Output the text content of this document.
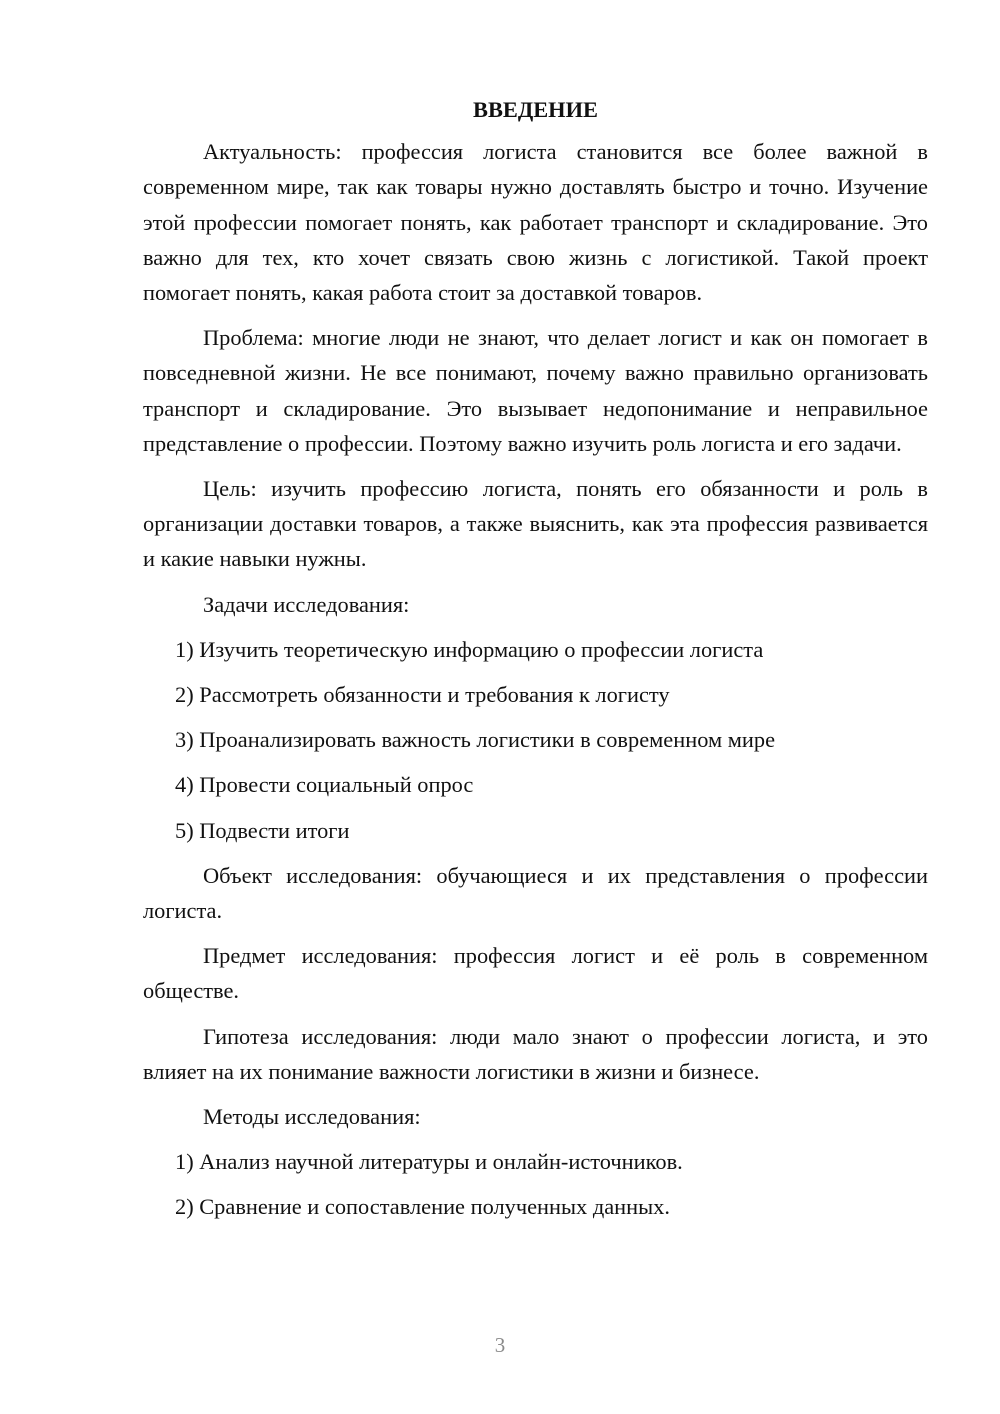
ВВЕДЕНИЕ

Актуальность: профессия логиста становится все более важной в современном мире, так как товары нужно доставлять быстро и точно. Изучение этой профессии помогает понять, как работает транспорт и складирование. Это важно для тех, кто хочет связать свою жизнь с логистикой. Такой проект помогает понять, какая работа стоит за доставкой товаров.

Проблема: многие люди не знают, что делает логист и как он помогает в повседневной жизни. Не все понимают, почему важно правильно организовать транспорт и складирование. Это вызывает недопонимание и неправильное представление о профессии. Поэтому важно изучить роль логиста и его задачи.

Цель: изучить профессию логиста, понять его обязанности и роль в организации доставки товаров, а также выяснить, как эта профессия развивается и какие навыки нужны.

Задачи исследования:

1) Изучить теоретическую информацию о профессии логиста

2) Рассмотреть обязанности и требования к логисту

3) Проанализировать важность логистики в современном мире

4) Провести социальный опрос

5) Подвести итоги

Объект исследования: обучающиеся и их представления о профессии логиста.

Предмет исследования: профессия логист и её роль в современном обществе.

Гипотеза исследования: люди мало знают о профессии логиста, и это влияет на их понимание важности логистики в жизни и бизнесе.

Методы исследования:

1) Анализ научной литературы и онлайн-источников.

2) Сравнение и сопоставление полученных данных.

3
